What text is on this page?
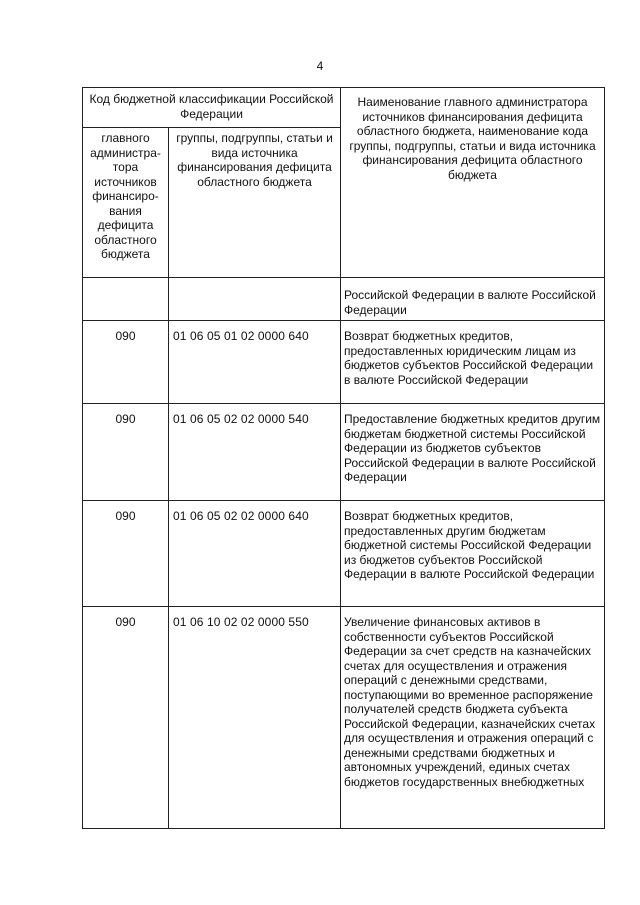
4
Код бюджетной классификации Российской Федерации		Наименование главного администратора источников финансирования дефицита областного бюджета, наименование кода группы, подгруппы, статьи и вида источника финансирования дефицита областного бюджета
главного администра-тора источников финансиро-вания дефицита областного бюджета	группы, подгруппы, статьи и вида источника финансирования дефицита областного бюджета	
		Российской Федерации в валюте Российской Федерации
090	01 06 05 01 02 0000 640	Возврат бюджетных кредитов, предоставленных юридическим лицам из бюджетов субъектов Российской Федерации в валюте Российской Федерации
090	01 06 05 02 02 0000 540	Предоставление бюджетных кредитов другим бюджетам бюджетной системы Российской Федерации из бюджетов субъектов Российской Федерации в валюте Российской Федерации
090	01 06 05 02 02 0000 640	Возврат бюджетных кредитов, предоставленных другим бюджетам бюджетной системы Российской Федерации из бюджетов субъектов Российской Федерации в валюте Российской Федерации
090	01 06 10 02 02 0000 550	Увеличение финансовых активов в собственности субъектов Российской Федерации за счет средств на казначейских счетах для осуществления и отражения операций с денежными средствами, поступающими во временное распоряжение получателей средств бюджета субъекта Российской Федерации, казначейских счетах для осуществления и отражения операций с денежными средствами бюджетных и автономных учреждений, единых счетах бюджетов государственных внебюджетных
